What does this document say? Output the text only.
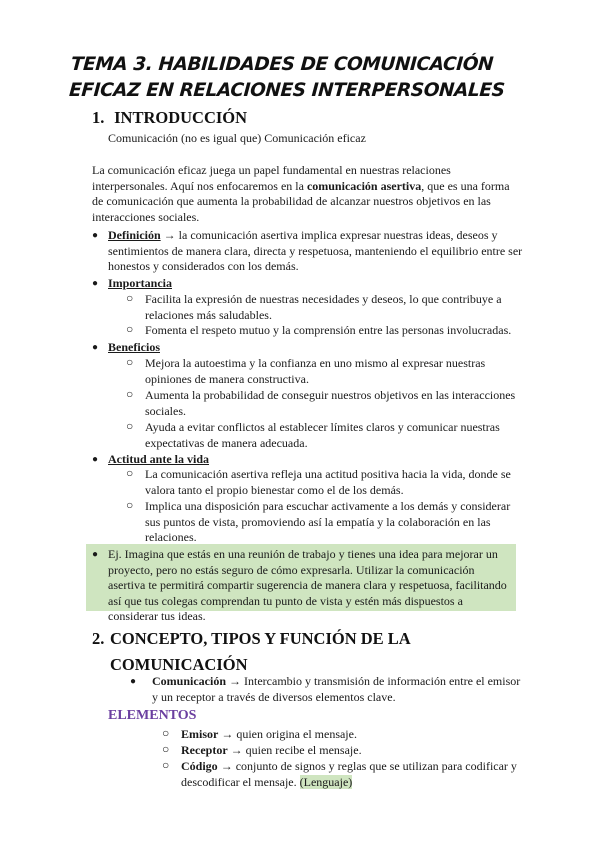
TEMA 3. HABILIDADES DE COMUNICACIÓN
EFICAZ EN RELACIONES INTERPERSONALES
1. INTRODUCCIÓN
Comunicación (no es igual que) Comunicación eficaz
La comunicación eficaz juega un papel fundamental en nuestras relaciones interpersonales. Aquí nos enfocaremos en la comunicación asertiva, que es una forma de comunicación que aumenta la probabilidad de alcanzar nuestros objetivos en las interacciones sociales.
● Definición → la comunicación asertiva implica expresar nuestras ideas, deseos y sentimientos de manera clara, directa y respetuosa, manteniendo el equilibrio entre ser honestos y considerados con los demás.
● Importancia
○ Facilita la expresión de nuestras necesidades y deseos, lo que contribuye a relaciones más saludables.
○ Fomenta el respeto mutuo y la comprensión entre las personas involucradas.
● Beneficios
○ Mejora la autoestima y la confianza en uno mismo al expresar nuestras opiniones de manera constructiva.
○ Aumenta la probabilidad de conseguir nuestros objetivos en las interacciones sociales.
○ Ayuda a evitar conflictos al establecer límites claros y comunicar nuestras expectativas de manera adecuada.
● Actitud ante la vida
○ La comunicación asertiva refleja una actitud positiva hacia la vida, donde se valora tanto el propio bienestar como el de los demás.
○ Implica una disposición para escuchar activamente a los demás y considerar sus puntos de vista, promoviendo así la empatía y la colaboración en las relaciones.
● Ej. Imagina que estás en una reunión de trabajo y tienes una idea para mejorar un proyecto, pero no estás seguro de cómo expresarla. Utilizar la comunicación asertiva te permitirá compartir sugerencia de manera clara y respetuosa, facilitando así que tus colegas comprendan tu punto de vista y estén más dispuestos a considerar tus ideas.
2. CONCEPTO, TIPOS Y FUNCIÓN DE LA
COMUNICACIÓN
● Comunicación → Intercambio y transmisión de información entre el emisor y un receptor a través de diversos elementos clave.
ELEMENTOS
○ Emisor → quien origina el mensaje.
○ Receptor → quien recibe el mensaje.
○ Código → conjunto de signos y reglas que se utilizan para codificar y descodificar el mensaje. (Lenguaje)
